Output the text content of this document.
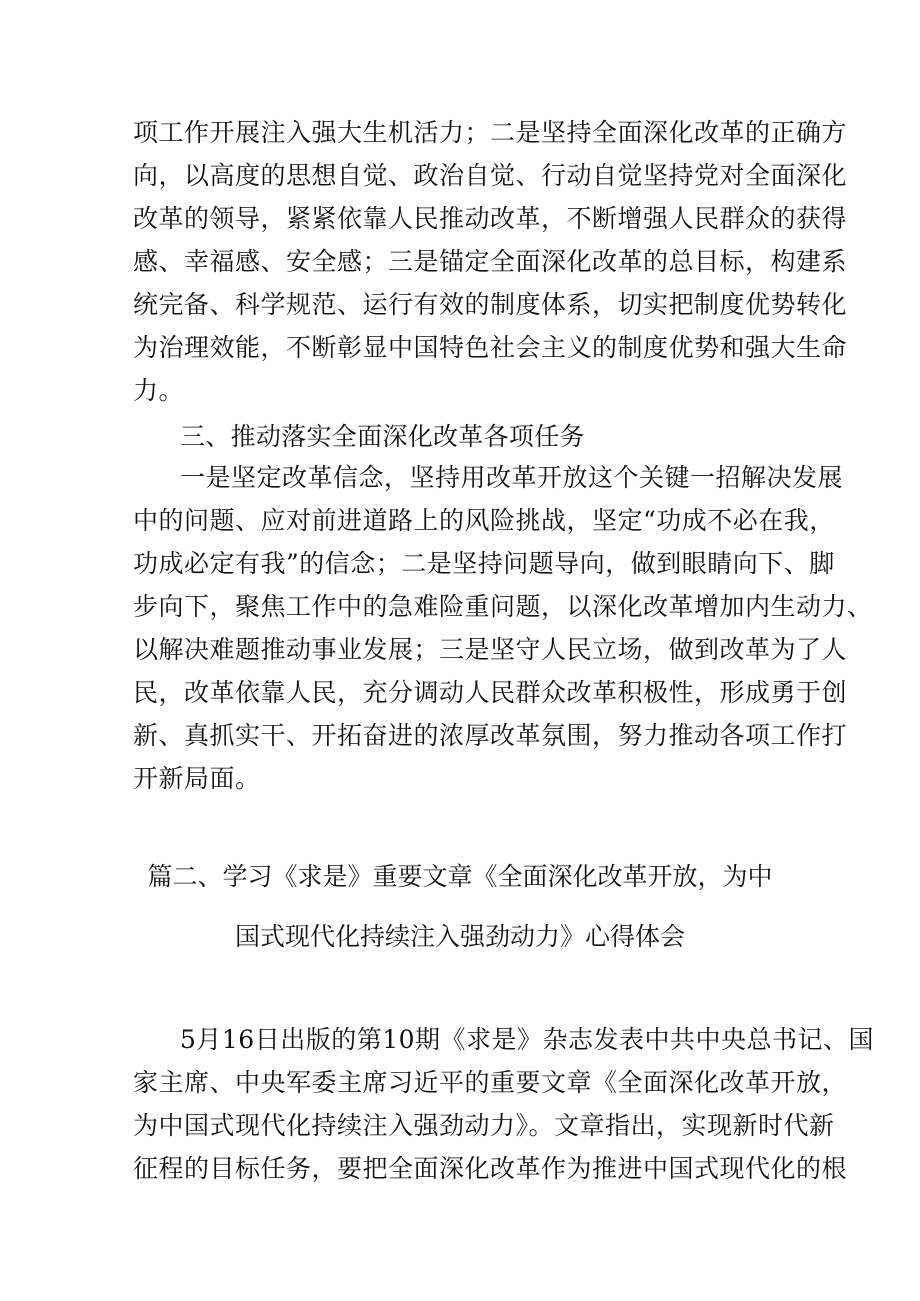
项工作开展注入强大生机活力；二是坚持全面深化改革的正确方
向，以高度的思想自觉、政治自觉、行动自觉坚持党对全面深化
改革的领导，紧紧依靠人民推动改革，不断增强人民群众的获得
感、幸福感、安全感；三是锚定全面深化改革的总目标，构建系
统完备、科学规范、运行有效的制度体系，切实把制度优势转化
为治理效能，不断彰显中国特色社会主义的制度优势和强大生命
力。
三、推动落实全面深化改革各项任务
一是坚定改革信念，坚持用改革开放这个关键一招解决发展
中的问题、应对前进道路上的风险挑战，坚定“功成不必在我，
功成必定有我”的信念；二是坚持问题导向，做到眼睛向下、脚
步向下，聚焦工作中的急难险重问题，以深化改革增加内生动力、
以解决难题推动事业发展；三是坚守人民立场，做到改革为了人
民，改革依靠人民，充分调动人民群众改革积极性，形成勇于创
新、真抓实干、开拓奋进的浓厚改革氛围，努力推动各项工作打
开新局面。
篇二、学习《求是》重要文章《全面深化改革开放，为中
国式现代化持续注入强劲动力》心得体会
5月16日出版的第10期《求是》杂志发表中共中央总书记、国
家主席、中央军委主席习近平的重要文章《全面深化改革开放，
为中国式现代化持续注入强劲动力》。文章指出，实现新时代新
征程的目标任务，要把全面深化改革作为推进中国式现代化的根
